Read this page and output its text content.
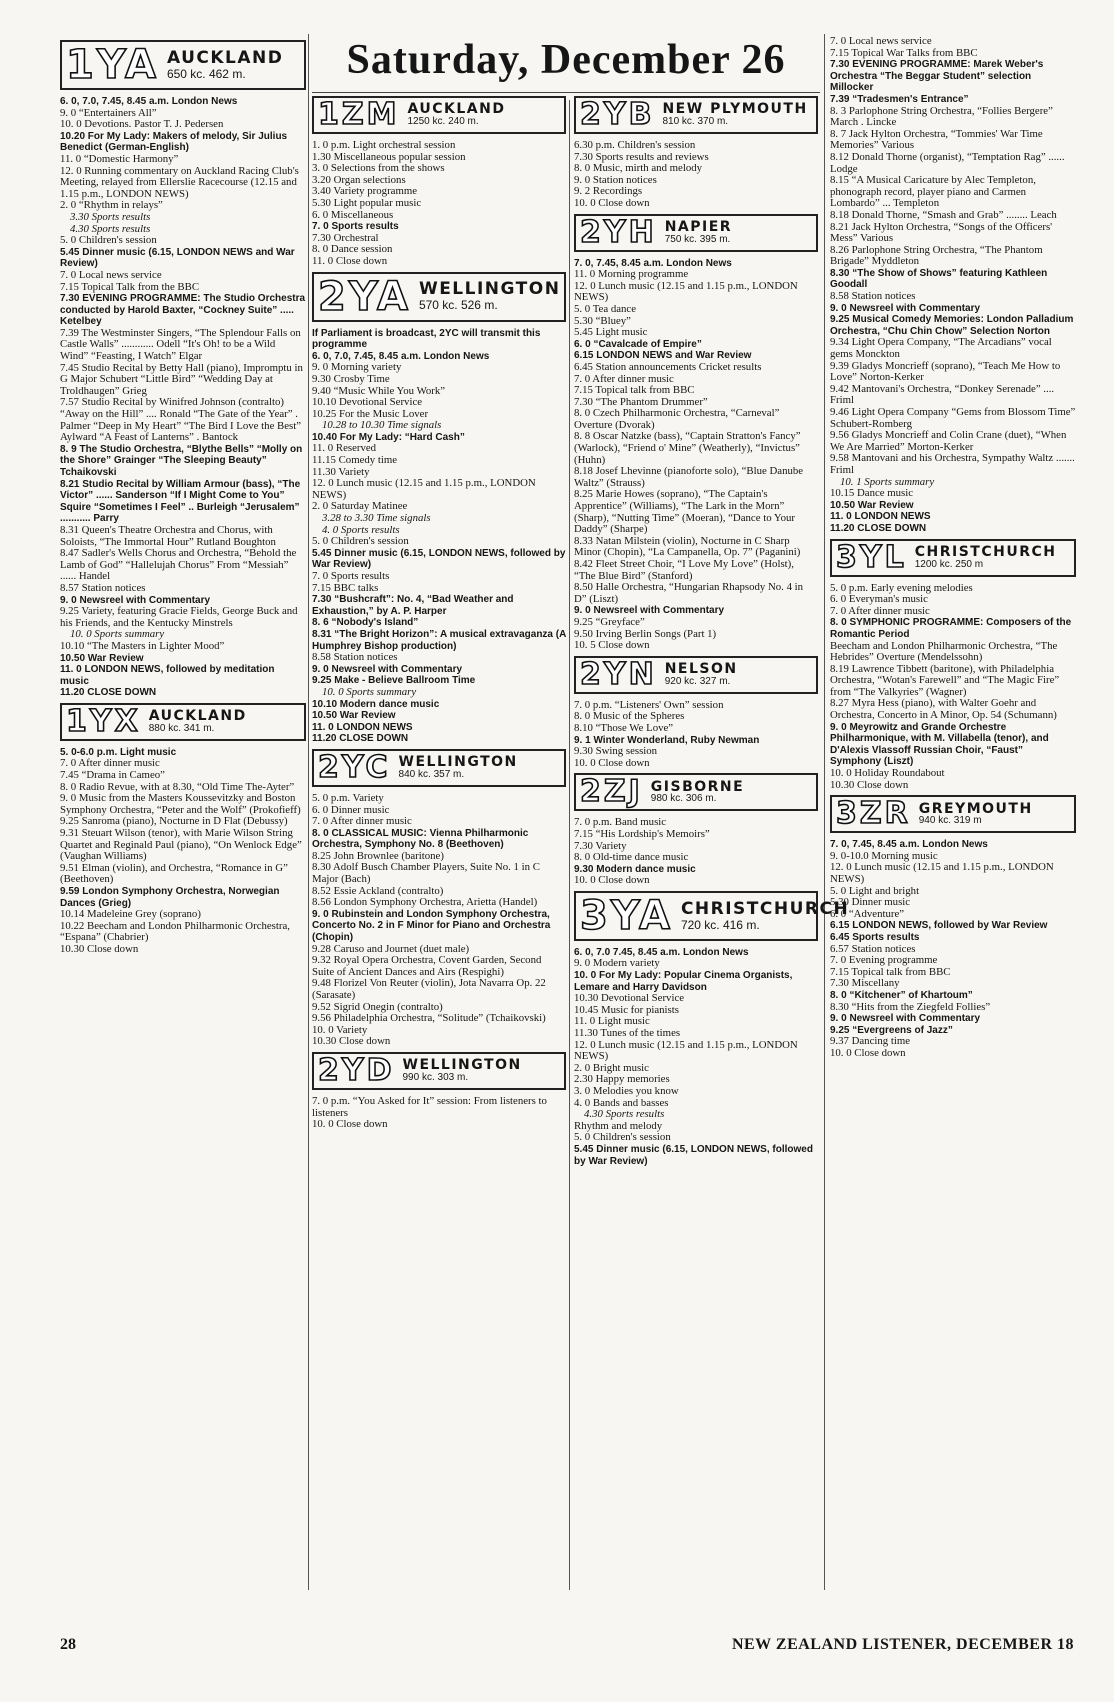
Saturday, December 26
1YA AUCKLAND
650 kc. 462 m.
6. 0, 7.0, 7.45, 8.45 a.m. London News
9. 0 “Entertainers All”
10. 0 Devotions. Pastor T. J. Pedersen
10.20 For My Lady: Makers of melody, Sir Julius Benedict (German-English)
11. 0 “Domestic Harmony”
12. 0 Running commentary on Auckland Racing Club's Meeting, relayed from Ellerslie Racecourse (12.15 and 1.15 p.m., LONDON NEWS)
2. 0 “Rhythm in relays”
3.30 Sports results
4.30 Sports results
5. 0 Children's session
5.45 Dinner music (6.15, LONDON NEWS and War Review)
7. 0 Local news service
7.15 Topical Talk from the BBC
7.30 EVENING PROGRAMME: The Studio Orchestra conducted by Harold Baxter, “Cockney Suite” ..... Ketelbey
7.39 The Westminster Singers, “The Splendour Falls on Castle Walls” ............ Odell “It's Oh! to be a Wild Wind” “Feasting, I Watch” Elgar
7.45 Studio Recital by Betty Hall (piano), Impromptu in G Major Schubert “Little Bird” “Wedding Day at Troldhaugen” Grieg
7.57 Studio Recital by Winifred Johnson (contralto) “Away on the Hill” .... Ronald “The Gate of the Year” . Palmer “Deep in My Heart” “The Bird I Love the Best” Aylward “A Feast of Lanterns” . Bantock
8. 9 The Studio Orchestra, “Blythe Bells” “Molly on the Shore” Grainger “The Sleeping Beauty” Tchaikovski
8.21 Studio Recital by William Armour (bass), “The Victor” ...... Sanderson “If I Might Come to You” Squire “Sometimes I Feel” .. Burleigh “Jerusalem” ........... Parry
8.31 Queen's Theatre Orchestra and Chorus, with Soloists, “The Immortal Hour” Rutland Boughton
8.47 Sadler's Wells Chorus and Orchestra, “Behold the Lamb of God” “Hallelujah Chorus” From “Messiah” ...... Handel
8.57 Station notices
9. 0 Newsreel with Commentary
9.25 Variety, featuring Gracie Fields, George Buck and his Friends, and the Kentucky Minstrels
10. 0 Sports summary
10.10 “The Masters in Lighter Mood”
10.50 War Review
11. 0 LONDON NEWS, followed by meditation music
11.20 CLOSE DOWN
1YX AUCKLAND
880 kc. 341 m.
5. 0-6.0 p.m. Light music
7. 0 After dinner music
7.45 “Drama in Cameo”
8. 0 Radio Revue, with at 8.30, “Old Time The-Ayter”
9. 0 Music from the Masters Koussevitzky and Boston Symphony Orchestra, “Peter and the Wolf” (Prokofieff)
9.25 Sanroma (piano), Nocturne in D Flat (Debussy)
9.31 Steuart Wilson (tenor), with Marie Wilson String Quartet and Reginald Paul (piano), “On Wenlock Edge” (Vaughan Williams)
9.51 Elman (violin), and Orchestra, “Romance in G” (Beethoven)
9.59 London Symphony Orchestra, Norwegian Dances (Grieg)
10.14 Madeleine Grey (soprano)
10.22 Beecham and London Philharmonic Orchestra, “Espana” (Chabrier)
10.30 Close down
1ZM AUCKLAND
1250 kc. 240 m.
1. 0 p.m. Light orchestral session
1.30 Miscellaneous popular session
3. 0 Selections from the shows
3.20 Organ selections
3.40 Variety programme
5.30 Light popular music
6. 0 Miscellaneous
7. 0 Sports results
7.30 Orchestral
8. 0 Dance session
11. 0 Close down
2YA WELLINGTON
570 kc. 526 m.
If Parliament is broadcast, 2YC will transmit this programme
6. 0, 7.0, 7.45, 8.45 a.m. London News
9. 0 Morning variety
9.30 Crosby Time
9.40 “Music While You Work”
10.10 Devotional Service
10.25 For the Music Lover
10.28 to 10.30 Time signals
10.40 For My Lady: “Hard Cash”
11. 0 Reserved
11.15 Comedy time
11.30 Variety
12. 0 Lunch music (12.15 and 1.15 p.m., LONDON NEWS)
2. 0 Saturday Matinee
3.28 to 3.30 Time signals
4. 0 Sports results
5. 0 Children's session
5.45 Dinner music (6.15, LONDON NEWS, followed by War Review)
7. 0 Sports results
7.15 BBC talks
7.30 “Bushcraft”: No. 4, “Bad Weather and Exhaustion,” by A. P. Harper
8. 6 “Nobody's Island”
8.31 “The Bright Horizon”: A musical extravaganza (A Humphrey Bishop production)
8.58 Station notices
9. 0 Newsreel with Commentary
9.25 Make - Believe Ballroom Time
10. 0 Sports summary
10.10 Modern dance music
10.50 War Review
11. 0 LONDON NEWS
11.20 CLOSE DOWN
2YC WELLINGTON
840 kc. 357 m.
5. 0 p.m. Variety
6. 0 Dinner music
7. 0 After dinner music
8. 0 CLASSICAL MUSIC: Vienna Philharmonic Orchestra, Symphony No. 8 (Beethoven)
8.25 John Brownlee (baritone)
8.30 Adolf Busch Chamber Players, Suite No. 1 in C Major (Bach)
8.52 Essie Ackland (contralto)
8.56 London Symphony Orchestra, Arietta (Handel)
9. 0 Rubinstein and London Symphony Orchestra, Concerto No. 2 in F Minor for Piano and Orchestra (Chopin)
9.28 Caruso and Journet (duet male)
9.32 Royal Opera Orchestra, Covent Garden, Second Suite of Ancient Dances and Airs (Respighi)
9.48 Florizel Von Reuter (violin), Jota Navarra Op. 22 (Sarasate)
9.52 Sigrid Onegin (contralto)
9.56 Philadelphia Orchestra, “Solitude” (Tchaikovski)
10. 0 Variety
10.30 Close down
2YD WELLINGTON
990 kc. 303 m.
7. 0 p.m. “You Asked for It” session: From listeners to listeners
10. 0 Close down
2YB NEW PLYMOUTH
810 kc. 370 m.
6.30 p.m. Children's session
7.30 Sports results and reviews
8. 0 Music, mirth and melody
9. 0 Station notices
9. 2 Recordings
10. 0 Close down
2YH NAPIER
750 kc. 395 m.
7. 0, 7.45, 8.45 a.m. London News
11. 0 Morning programme
12. 0 Lunch music (12.15 and 1.15 p.m., LONDON NEWS)
5. 0 Tea dance
5.30 “Bluey”
5.45 Light music
6. 0 “Cavalcade of Empire”
6.15 LONDON NEWS and War Review
6.45 Station announcements Cricket results
7. 0 After dinner music
7.15 Topical talk from BBC
7.30 “The Phantom Drummer”
8. 0 Czech Philharmonic Orchestra, “Carneval” Overture (Dvorak)
8. 8 Oscar Natzke (bass), “Captain Stratton's Fancy” (Warlock), “Friend o' Mine” (Weatherly), “Invictus” (Huhn)
8.18 Josef Lhevinne (pianoforte solo), “Blue Danube Waltz” (Strauss)
8.25 Marie Howes (soprano), “The Captain's Apprentice” (Williams), “The Lark in the Morn” (Sharp), “Nutting Time” (Moeran), “Dance to Your Daddy” (Sharpe)
8.33 Natan Milstein (violin), Nocturne in C Sharp Minor (Chopin), “La Campanella, Op. 7” (Paganini)
8.42 Fleet Street Choir, “I Love My Love” (Holst), “The Blue Bird” (Stanford)
8.50 Halle Orchestra, “Hungarian Rhapsody No. 4 in D” (Liszt)
9. 0 Newsreel with Commentary
9.25 “Greyface”
9.50 Irving Berlin Songs (Part 1)
10. 5 Close down
2YN NELSON
920 kc. 327 m.
7. 0 p.m. “Listeners' Own” session
8. 0 Music of the Spheres
8.10 “Those We Love”
9. 1 Winter Wonderland, Ruby Newman
9.30 Swing session
10. 0 Close down
2ZJ GISBORNE
980 kc. 306 m.
7. 0 p.m. Band music
7.15 “His Lordship's Memoirs”
7.30 Variety
8. 0 Old-time dance music
9.30 Modern dance music
10. 0 Close down
3YA CHRISTCHURCH
720 kc. 416 m.
6. 0, 7.0 7.45, 8.45 a.m. London News
9. 0 Modern variety
10. 0 For My Lady: Popular Cinema Organists, Lemare and Harry Davidson
10.30 Devotional Service
10.45 Music for pianists
11. 0 Light music
11.30 Tunes of the times
12. 0 Lunch music (12.15 and 1.15 p.m., LONDON NEWS)
2. 0 Bright music
2.30 Happy memories
3. 0 Melodies you know
4. 0 Bands and basses
4.30 Sports results
Rhythm and melody
5. 0 Children's session
5.45 Dinner music (6.15, LONDON NEWS, followed by War Review)
7. 0 Local news service
7.15 Topical War Talks from BBC
7.30 EVENING PROGRAMME: Marek Weber's Orchestra “The Beggar Student” selection Millocker
7.39 “Tradesmen's Entrance”
8. 3 Parlophone String Orchestra, “Follies Bergere” March . Lincke
8. 7 Jack Hylton Orchestra, “Tommies' War Time Memories” Various
8.12 Donald Thorne (organist), “Temptation Rag” ...... Lodge
8.15 “A Musical Caricature by Alec Templeton, phonograph record, player piano and Carmen Lombardo” ... Templeton
8.18 Donald Thorne, “Smash and Grab” ........ Leach
8.21 Jack Hylton Orchestra, “Songs of the Officers' Mess” Various
8.26 Parlophone String Orchestra, “The Phantom Brigade” Myddleton
8.30 “The Show of Shows” featuring Kathleen Goodall
8.58 Station notices
9. 0 Newsreel with Commentary
9.25 Musical Comedy Memories: London Palladium Orchestra, “Chu Chin Chow” Selection Norton
9.34 Light Opera Company, “The Arcadians” vocal gems Monckton
9.39 Gladys Moncrieff (soprano), “Teach Me How to Love” Norton-Kerker
9.42 Mantovani's Orchestra, “Donkey Serenade” .... Friml
9.46 Light Opera Company “Gems from Blossom Time” Schubert-Romberg
9.56 Gladys Moncrieff and Colin Crane (duet), “When We Are Married” Morton-Kerker
9.58 Mantovani and his Orchestra, Sympathy Waltz ....... Friml
10. 1 Sports summary
10.15 Dance music
10.50 War Review
11. 0 LONDON NEWS
11.20 CLOSE DOWN
3YL CHRISTCHURCH
1200 kc. 250 m
5. 0 p.m. Early evening melodies
6. 0 Everyman's music
7. 0 After dinner music
8. 0 SYMPHONIC PROGRAMME: Composers of the Romantic Period
Beecham and London Philharmonic Orchestra, “The Hebrides” Overture (Mendelssohn)
8.19 Lawrence Tibbett (baritone), with Philadelphia Orchestra, “Wotan's Farewell” and “The Magic Fire” from “The Valkyries” (Wagner)
8.27 Myra Hess (piano), with Walter Goehr and Orchestra, Concerto in A Minor, Op. 54 (Schumann)
9. 0 Meyrowitz and Grande Orchestre Philharmonique, with M. Villabella (tenor), and D'Alexis Vlassoff Russian Choir, “Faust” Symphony (Liszt)
10. 0 Holiday Roundabout
10.30 Close down
3ZR GREYMOUTH
940 kc. 319 m
7. 0, 7.45, 8.45 a.m. London News
9. 0-10.0 Morning music
12. 0 Lunch music (12.15 and 1.15 p.m., LONDON NEWS)
5. 0 Light and bright
5.30 Dinner music
6. 0 “Adventure”
6.15 LONDON NEWS, followed by War Review
6.45 Sports results
6.57 Station notices
7. 0 Evening programme
7.15 Topical talk from BBC
7.30 Miscellany
8. 0 “Kitchener” of Khartoum”
8.30 “Hits from the Ziegfeld Follies”
9. 0 Newsreel with Commentary
9.25 “Evergreens of Jazz”
9.37 Dancing time
10. 0 Close down
28	NEW ZEALAND LISTENER, DECEMBER 18
